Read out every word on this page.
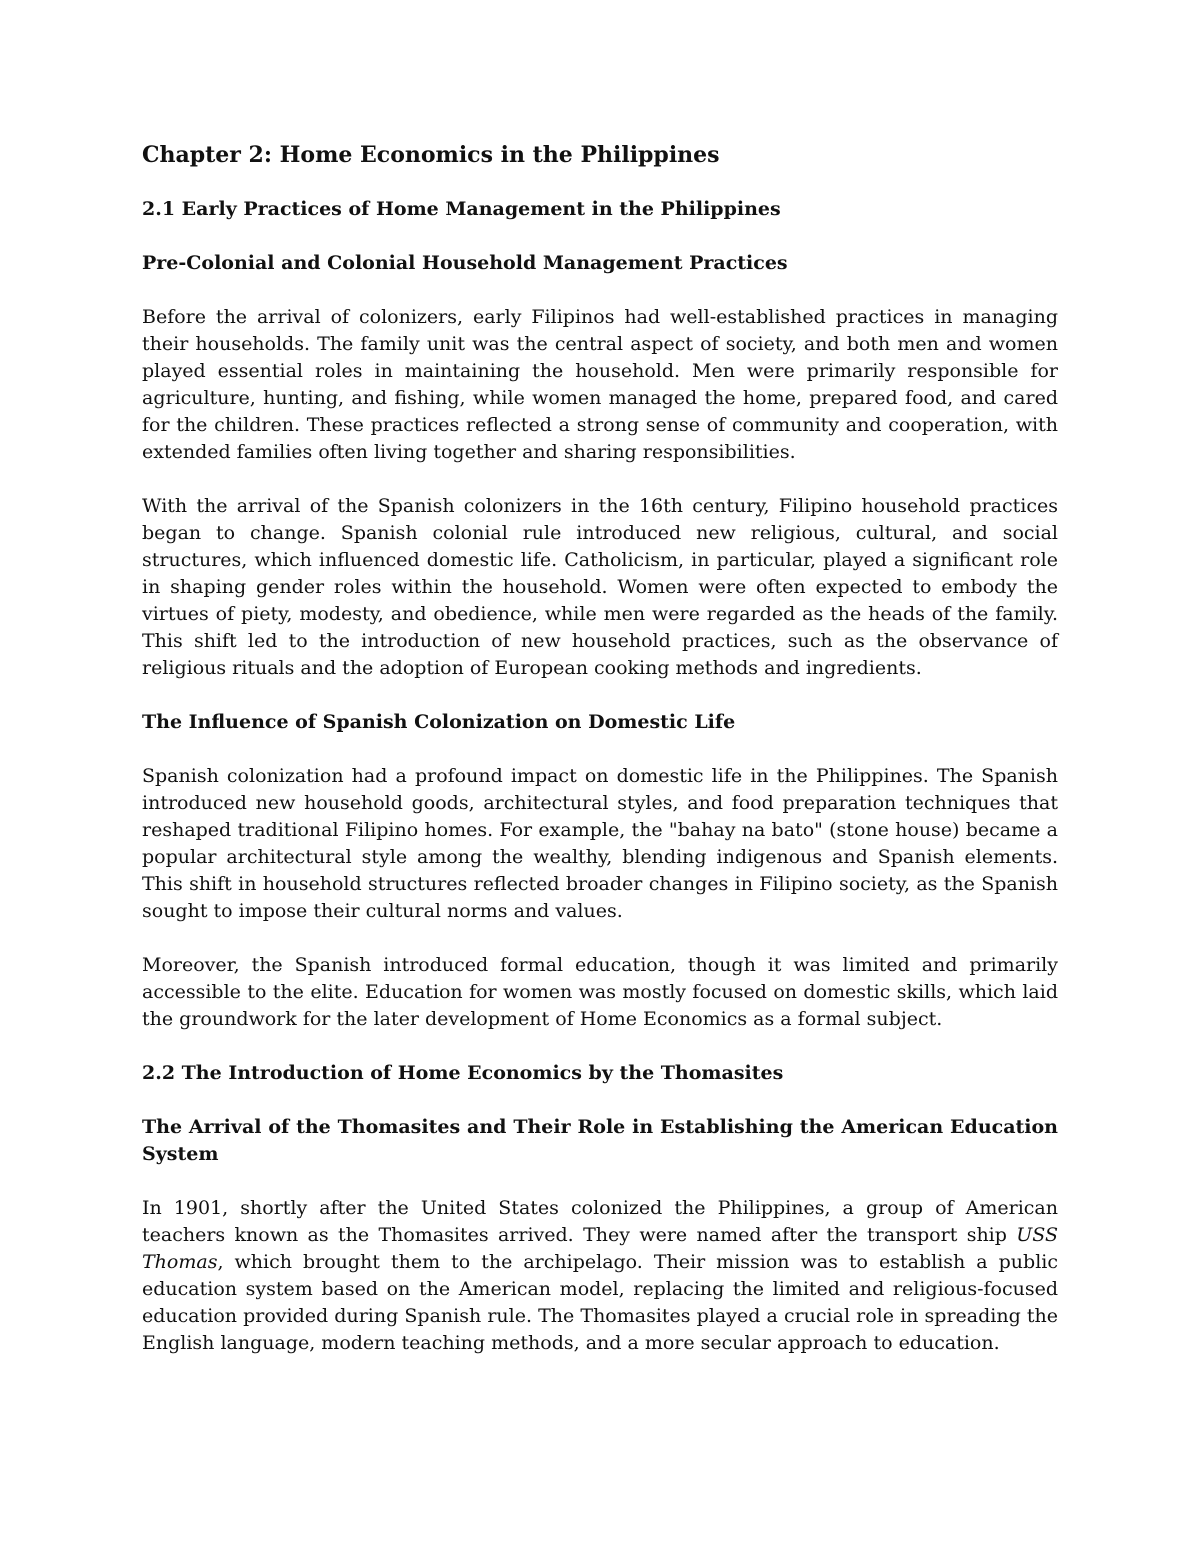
Chapter 2: Home Economics in the Philippines
2.1 Early Practices of Home Management in the Philippines
Pre-Colonial and Colonial Household Management Practices

Before the arrival of colonizers, early Filipinos had well-established practices in managing their households. The family unit was the central aspect of society, and both men and women played essential roles in maintaining the household. Men were primarily responsible for agriculture, hunting, and fishing, while women managed the home, prepared food, and cared for the children. These practices reflected a strong sense of community and cooperation, with extended families often living together and sharing responsibilities.

With the arrival of the Spanish colonizers in the 16th century, Filipino household practices began to change. Spanish colonial rule introduced new religious, cultural, and social structures, which influenced domestic life. Catholicism, in particular, played a significant role in shaping gender roles within the household. Women were often expected to embody the virtues of piety, modesty, and obedience, while men were regarded as the heads of the family. This shift led to the introduction of new household practices, such as the observance of religious rituals and the adoption of European cooking methods and ingredients.

The Influence of Spanish Colonization on Domestic Life

Spanish colonization had a profound impact on domestic life in the Philippines. The Spanish introduced new household goods, architectural styles, and food preparation techniques that reshaped traditional Filipino homes. For example, the "bahay na bato" (stone house) became a popular architectural style among the wealthy, blending indigenous and Spanish elements. This shift in household structures reflected broader changes in Filipino society, as the Spanish sought to impose their cultural norms and values.

Moreover, the Spanish introduced formal education, though it was limited and primarily accessible to the elite. Education for women was mostly focused on domestic skills, which laid the groundwork for the later development of Home Economics as a formal subject.

2.2 The Introduction of Home Economics by the Thomasites
The Arrival of the Thomasites and Their Role in Establishing the American Education System

In 1901, shortly after the United States colonized the Philippines, a group of American teachers known as the Thomasites arrived. They were named after the transport ship USS Thomas, which brought them to the archipelago. Their mission was to establish a public education system based on the American model, replacing the limited and religious-focused education provided during Spanish rule. The Thomasites played a crucial role in spreading the English language, modern teaching methods, and a more secular approach to education.
